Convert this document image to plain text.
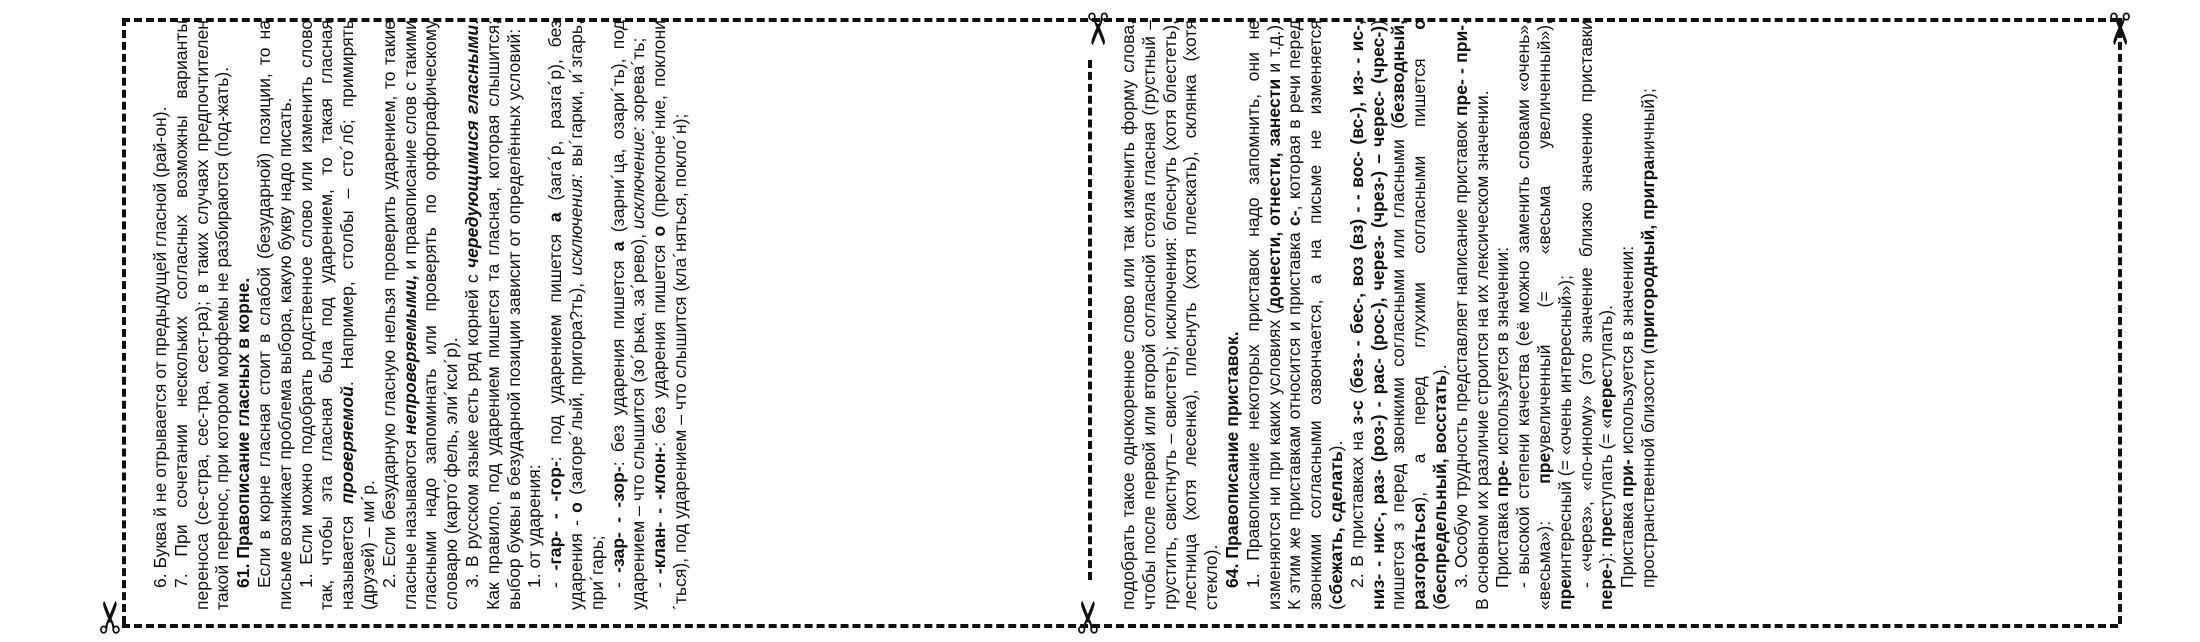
✂
✂
✂
✂

6. Буква й не отрывается от предыдущей гласной (рай-он). 7. При сочетании нескольких согласных возможны варианты переноса (се-стра, сес-тра, сест-ра); в таких случаях предпочтителен такой перенос, при котором морфемы не разбираются (под-жать). 61. Правописание гласных в корне. Если в корне гласная стоит в слабой (безударной) позиции, то на письме возникает проблема выбора, какую букву надо писать. 1. Если можно подобрать родственное слово или изменить слово так, чтобы эта гласная была под ударением, то такая гласная называется проверяемой. Например, столбы – сто´лб; примирять (друзей) – ми´р. 2. Если безударную гласную нельзя проверить ударением, то такие гласные называются непроверяемыми, и правописание слов с такими гласными надо запоминать или проверять по орфографическому словарю (карто´фель, эли´кси´р). 3. В русском языке есть ряд корней с чередующимися гласными. Как правило, под ударением пишется та гласная, которая слышится; выбор буквы в безударной позиции зависит от определённых условий: 1. от ударения: - -гар- - -гор-: под ударением пишется а (зага´р, разга´р), без ударения - о (загоре´лый, пригора?ть), исключения: вы´гарки, и´згарь, при´гарь; - -зар- - -зор-: без ударения пишется а (зарни´ца, озари´ть), под ударением – что слышится (зо´рька, за´рево), исключение: зорева´ть;

- -клан- - -клон-: без ударения пишется о (преклоне´ние, поклони´ться), под ударением – что слышится (кла´няться, покло´н);	подобрать такое однокоренное слово или так изменить форму слова, чтобы после первой или второй согласной стояла гласная (грустный – грустить, свистнуть – свистеть); исключения: блеснуть (хотя блестеть), лестница (хотя лесенка), плеснуть (хотя плескать), склянка (хотя стекло). 64. Правописание приставок. 1. Правописание некоторых приставок надо запомнить, они не изменяются ни при каких условиях (донести, отнести, занести и т.д.). К этим же приставкам относится и приставка с-, которая в речи перед звонкими согласными озвончается, а на письме не изменяется (сбежать, сделать). 2. В приставках на з-с (без- - бес-, воз (вз) - - вос- (вс-), из- - ис-, низ- - нис-, раз- (роз-) - рас- (рос-), через- (чрез-) – черес- (чрес-)) пишется з перед звонкими согласными или гласными (безводный, разгорáться), а перед глухими согласными пишется с (беспредельный, восстать). 3. Особую трудность представляет написание приставок пре- - при-. В основном их различие строится на их лексическом значении. Приставка пре- используется в значении: - высокой степени качества (её можно заменить словами «очень», «весьма»): преувеличенный (= «весьма увеличенный»), преинтересный (= «очень интересный»); - «через», «по-иному» (это значение близко значению приставки пере-): преступать (= «переступать).

Приставка при- используется в значении: пространственной близости (пригородный, приграничный);
